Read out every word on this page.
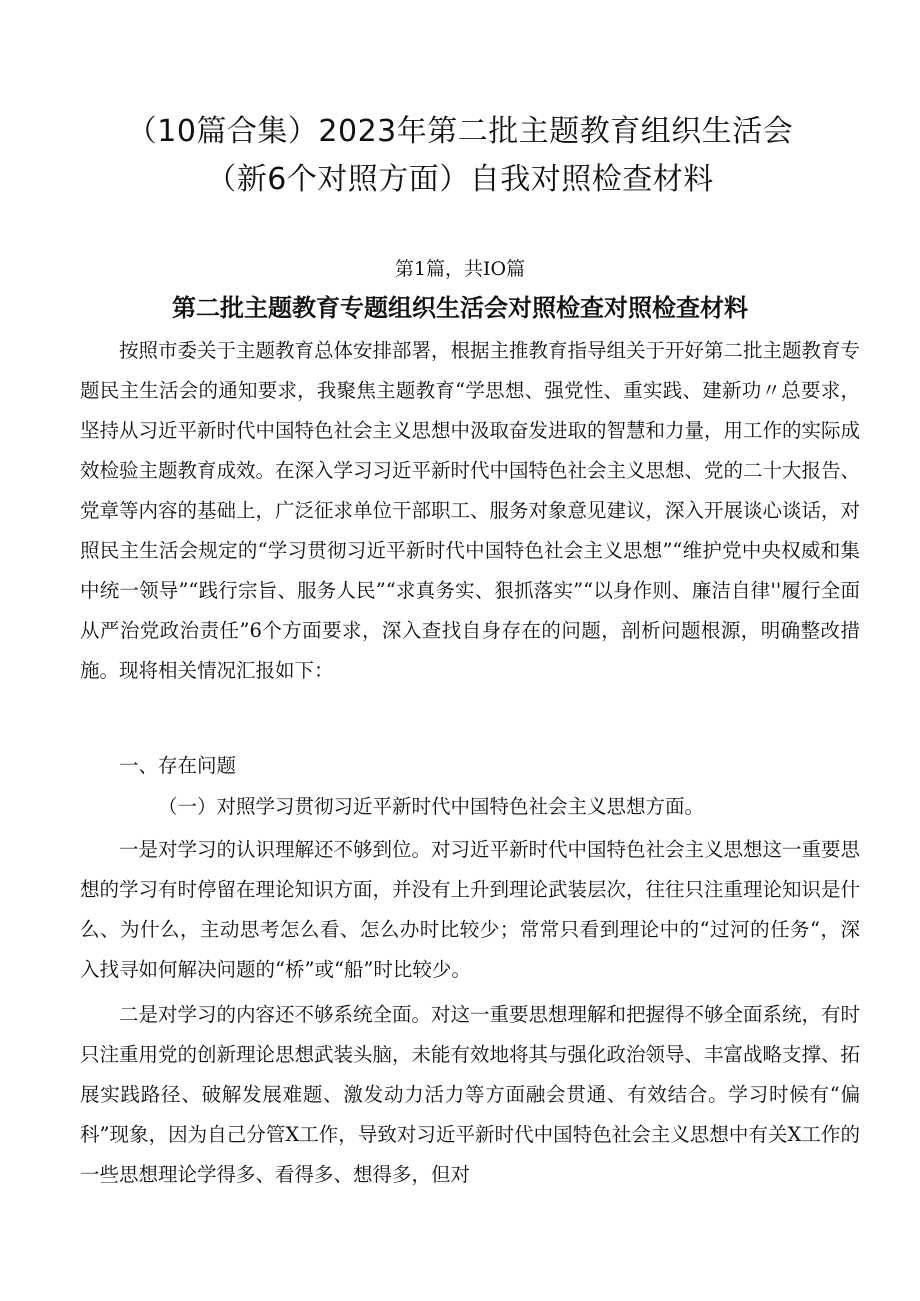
（10篇合集）2023年第二批主题教育组织生活会
（新6个对照方面）自我对照检查材料
第1篇，共IO篇
第二批主题教育专题组织生活会对照检查对照检查材料
按照市委关于主题教育总体安排部署，根据主推教育指导组关于开好第二批主题教育专题民主生活会的通知要求，我聚焦主题教育“学思想、强党性、重实践、建新功〃总要求，坚持从习近平新时代中国特色社会主义思想中汲取奋发进取的智慧和力量，用工作的实际成效检验主题教育成效。在深入学习习近平新时代中国特色社会主义思想、党的二十大报告、党章等内容的基础上，广泛征求单位干部职工、服务对象意见建议，深入开展谈心谈话，对照民主生活会规定的“学习贯彻习近平新时代中国特色社会主义思想”“维护党中央权威和集中统一领导”“践行宗旨、服务人民”“求真务实、狠抓落实”“以身作则、廉洁自律''履行全面从严治党政治责任”6个方面要求，深入查找自身存在的问题，剖析问题根源，明确整改措施。现将相关情况汇报如下：
一、存在问题
（一）对照学习贯彻习近平新时代中国特色社会主义思想方面。
一是对学习的认识理解还不够到位。对习近平新时代中国特色社会主义思想这一重要思想的学习有时停留在理论知识方面，并没有上升到理论武装层次，往往只注重理论知识是什么、为什么，主动思考怎么看、怎么办时比较少；常常只看到理论中的“过河的任务“，深入找寻如何解决问题的“桥”或“船”时比较少。
二是对学习的内容还不够系统全面。对这一重要思想理解和把握得不够全面系统，有时只注重用党的创新理论思想武装头脑，未能有效地将其与强化政治领导、丰富战略支撑、拓展实践路径、破解发展难题、激发动力活力等方面融会贯通、有效结合。学习时候有“偏科”现象，因为自己分管X工作，导致对习近平新时代中国特色社会主义思想中有关X工作的一些思想理论学得多、看得多、想得多，但对
